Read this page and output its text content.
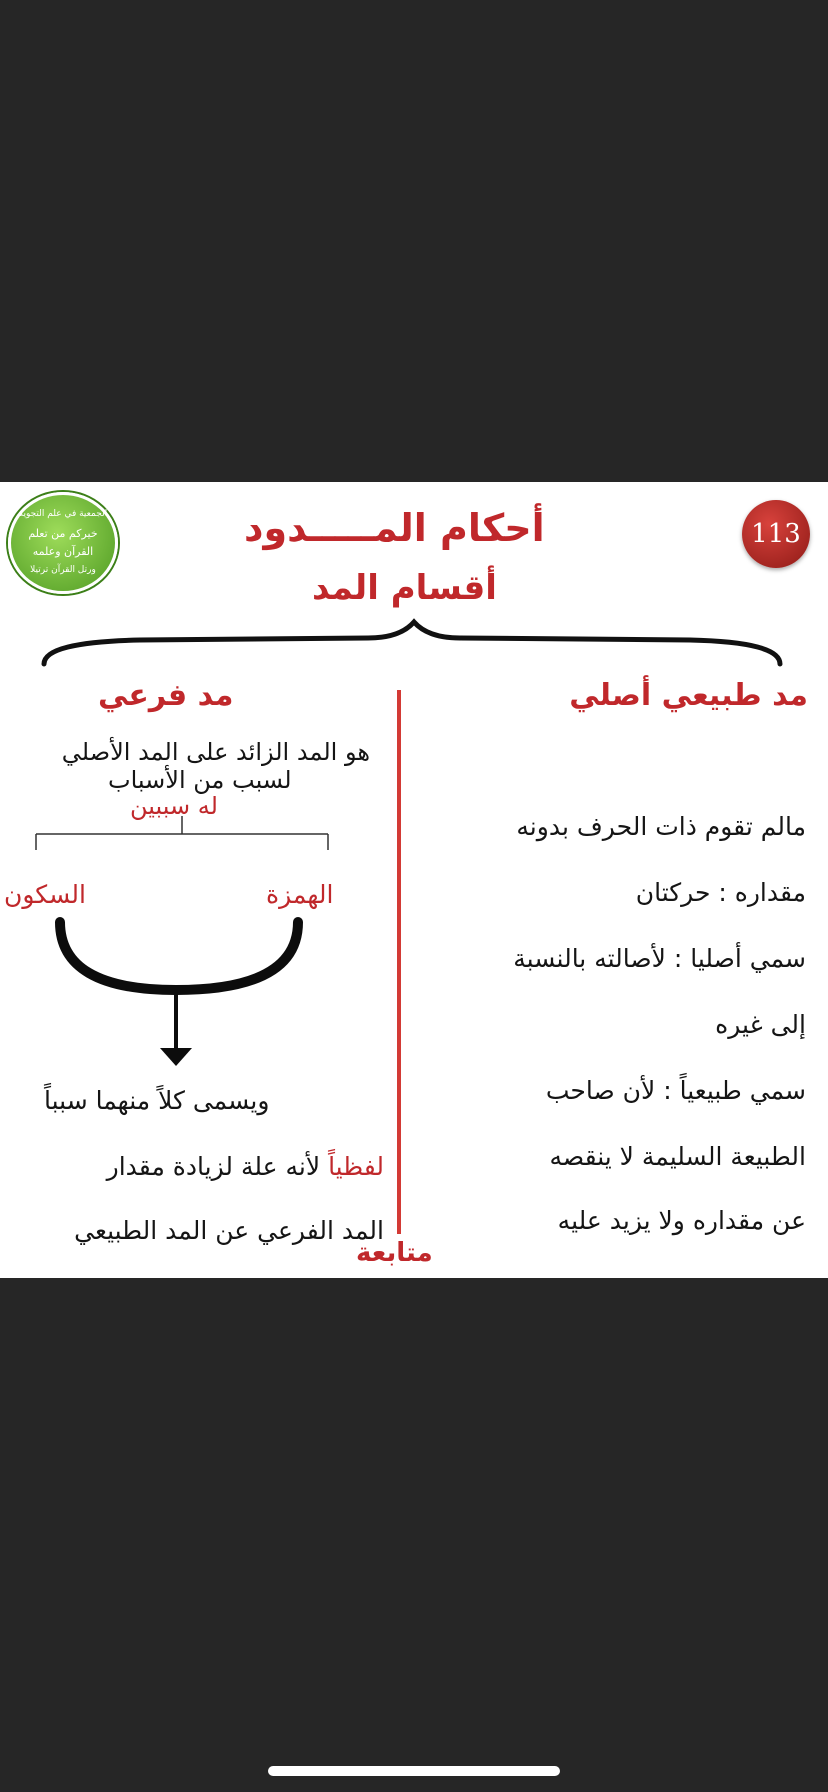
113
الجمعية في علم التجويد
خيركم من تعلم
القرآن وعلمه
ورتل القرآن ترتيلا
أحكام المـــــدود
أقسام المد
مد طبيعي أصلي
مالم تقوم ذات الحرف بدونه
مقداره : حركتان
سمي أصليا : لأصالته بالنسبة
إلى غيره
سمي طبيعياً : لأن صاحب
الطبيعة السليمة لا ينقصه
عن مقداره ولا يزيد عليه
مد فرعي
هو المد الزائد على المد الأصلي
لسبب من الأسباب
له سببين
الهمزة
السكون
ويسمى كلاً منهما سبباً
لفظياً لأنه علة لزيادة مقدار
المد الفرعي عن المد الطبيعي
متابعة
